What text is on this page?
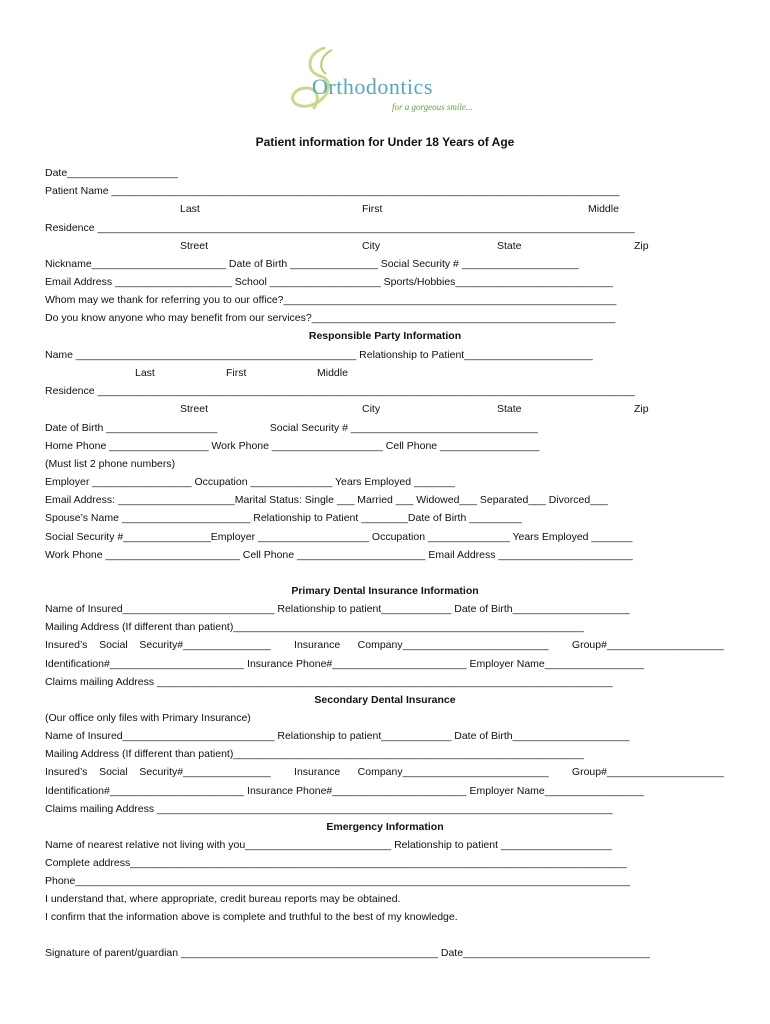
Orthodontics
for a gorgeous smile...
Patient information for Under 18 Years of Age
Date___________________
Patient Name _______________________________________________________________________________________
Last	First	Middle
Residence ____________________________________________________________________________________________
Street	City	State	Zip
Nickname_______________________ Date of Birth _______________ Social Security # ____________________
Email Address ____________________ School ___________________ Sports/Hobbies___________________________
Whom may we thank for referring you to our office?_________________________________________________________
Do you know anyone who may benefit from our services?____________________________________________________
Responsible Party Information
Name ________________________________________________ Relationship to Patient______________________
Last	First	Middle
Residence ____________________________________________________________________________________________
Street	City	State	Zip
Date of Birth ___________________                  Social Security # ________________________________
Home Phone _________________ Work Phone ___________________ Cell Phone _________________
(Must list 2 phone numbers)
Employer _________________ Occupation ______________ Years Employed _______
Email Address: ____________________Marital Status: Single ___ Married ___ Widowed___ Separated___ Divorced___
Spouse’s Name ______________________ Relationship to Patient ________Date of Birth _________
Social Security #_______________Employer ___________________ Occupation ______________ Years Employed _______
Work Phone _______________________ Cell Phone ______________________ Email Address _______________________
Primary Dental Insurance Information
Name of Insured__________________________ Relationship to patient____________ Date of Birth____________________
Mailing Address (If different than patient)____________________________________________________________
Insured’s    Social    Security#_______________        Insurance      Company_________________________        Group#____________________
Identification#_______________________ Insurance Phone#_______________________ Employer Name_________________
Claims mailing Address ______________________________________________________________________________
Secondary Dental Insurance
(Our office only files with Primary Insurance)
Name of Insured__________________________ Relationship to patient____________ Date of Birth____________________
Mailing Address (If different than patient)____________________________________________________________
Insured’s    Social    Security#_______________        Insurance      Company_________________________        Group#____________________
Identification#_______________________ Insurance Phone#_______________________ Employer Name_________________
Claims mailing Address ______________________________________________________________________________
Emergency Information
Name of nearest relative not living with you_________________________ Relationship to patient ___________________
Complete address_____________________________________________________________________________________
Phone_______________________________________________________________________________________________
I understand that, where appropriate, credit bureau reports may be obtained.
I confirm that the information above is complete and truthful to the best of my knowledge.
Signature of parent/guardian ____________________________________________ Date________________________________
